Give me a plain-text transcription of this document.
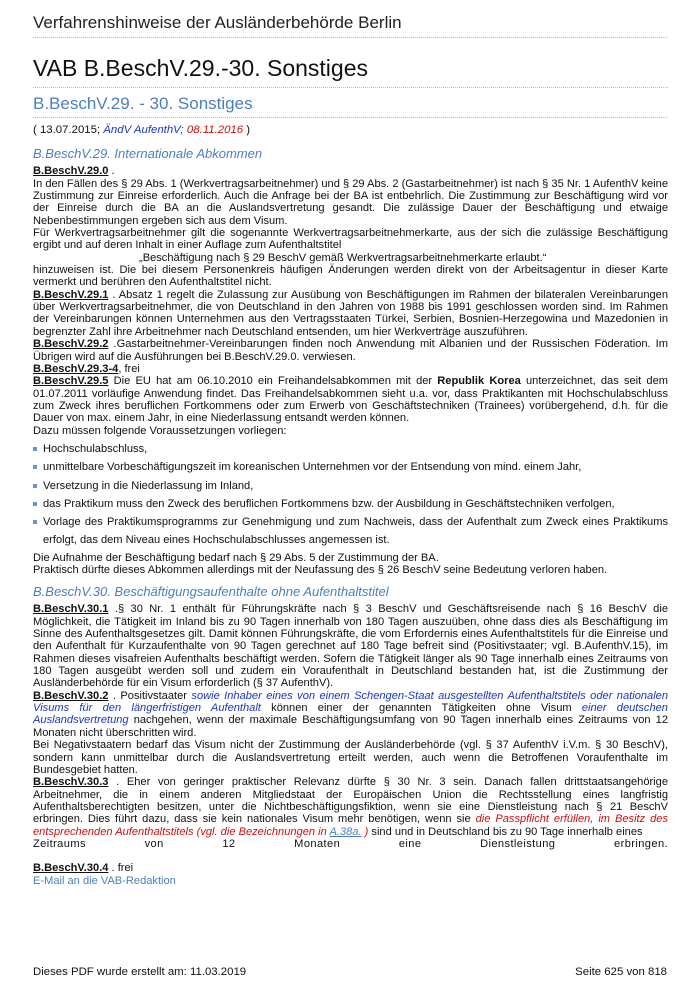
Verfahrenshinweise der Ausländerbehörde Berlin
VAB B.BeschV.29.-30. Sonstiges
B.BeschV.29. - 30. Sonstiges

( 13.07.2015; ÄndV AufenthV; 08.11.2016 )

B.BeschV.29. Internationale Abkommen

B.BeschV.29.0 .

In den Fällen des § 29 Abs. 1 (Werkvertragsarbeitnehmer) und § 29 Abs. 2 (Gastarbeitnehmer) ist nach § 35 Nr. 1 AufenthV keine Zustimmung zur Einreise erforderlich. Auch die Anfrage bei der BA ist entbehrlich. Die Zustimmung zur Beschäftigung wird vor der Einreise durch die BA an die Auslandsvertretung gesandt. Die zulässige Dauer der Beschäftigung und etwaige Nebenbestimmungen ergeben sich aus dem Visum.

Für Werkvertragsarbeitnehmer gilt die sogenannte Werkvertragsarbeitnehmerkarte, aus der sich die zulässige Beschäftigung ergibt und auf deren Inhalt in einer Auflage zum Aufenthaltstitel

„Beschäftigung nach § 29 BeschV gemäß Werkvertragsarbeitnehmerkarte erlaubt.“

hinzuweisen ist. Die bei diesem Personenkreis häufigen Änderungen werden direkt von der Arbeitsagentur in dieser Karte vermerkt und berühren den Aufenthaltstitel nicht.

B.BeschV.29.1 . Absatz 1 regelt die Zulassung zur Ausübung von Beschäftigungen im Rahmen der bilateralen Vereinbarungen über Werkvertragsarbeitnehmer, die von Deutschland in den Jahren von 1988 bis 1991 geschlossen worden sind. Im Rahmen der Vereinbarungen können Unternehmen aus den Vertragsstaaten Türkei, Serbien, Bosnien-Herzegowina und Mazedonien in begrenzter Zahl ihre Arbeitnehmer nach Deutschland entsenden, um hier Werkverträge auszuführen.

B.BeschV.29.2 .Gastarbeitnehmer-Vereinbarungen finden noch Anwendung mit Albanien und der Russischen Föderation. Im Übrigen wird auf die Ausführungen bei B.BeschV.29.0. verwiesen.

B.BeschV.29.3-4, frei

B.BeschV.29.5 Die EU hat am 06.10.2010 ein Freihandelsabkommen mit der Republik Korea unterzeichnet, das seit dem 01.07.2011 vorläufige Anwendung findet. Das Freihandelsabkommen sieht u.a. vor, dass Praktikanten mit Hochschulabschluss zum Zweck ihres beruflichen Fortkommens oder zum Erwerb von Geschäftstechniken (Trainees) vorübergehend, d.h. für die Dauer von max. einem Jahr, in eine Niederlassung entsandt werden können.

Dazu müssen folgende Voraussetzungen vorliegen:

Hochschulabschluss,
unmittelbare Vorbeschäftigungszeit im koreanischen Unternehmen vor der Entsendung von mind. einem Jahr,
Versetzung in die Niederlassung im Inland,
das Praktikum muss den Zweck des beruflichen Fortkommens bzw. der Ausbildung in Geschäftstechniken verfolgen,
Vorlage des Praktikumsprogramms zur Genehmigung und zum Nachweis, dass der Aufenthalt zum Zweck eines Praktikums erfolgt, das dem Niveau eines Hochschulabschlusses angemessen ist.

Die Aufnahme der Beschäftigung bedarf nach § 29 Abs. 5 der Zustimmung der BA.

Praktisch dürfte dieses Abkommen allerdings mit der Neufassung des § 26 BeschV seine Bedeutung verloren haben.

B.BeschV.30. Beschäftigungsaufenthalte ohne Aufenthaltstitel

B.BeschV.30.1 .§ 30 Nr. 1 enthält für Führungskräfte nach § 3 BeschV und Geschäftsreisende nach § 16 BeschV die Möglichkeit, die Tätigkeit im Inland bis zu 90 Tagen innerhalb von 180 Tagen auszuüben, ohne dass dies als Beschäftigung im Sinne des Aufenthaltsgesetzes gilt. Damit können Führungskräfte, die vom Erfordernis eines Aufenthaltstitels für die Einreise und den Aufenthalt für Kurzaufenthalte von 90 Tagen gerechnet auf 180 Tage befreit sind (Positivstaater; vgl. B.AufenthV.15), im Rahmen dieses visafreien Aufenthalts beschäftigt werden. Sofern die Tätigkeit länger als 90 Tage innerhalb eines Zeitraums von 180 Tagen ausgeübt werden soll und zudem ein Voraufenthalt in Deutschland bestanden hat, ist die Zustimmung der Ausländerbehörde für ein Visum erforderlich (§ 37 AufenthV).

B.BeschV.30.2 . Positivstaater sowie Inhaber eines von einem Schengen-Staat ausgestellten Aufenthaltstitels oder nationalen Visums für den längerfristigen Aufenthalt können einer der genannten Tätigkeiten ohne Visum einer deutschen Auslandsvertretung nachgehen, wenn der maximale Beschäftigungsumfang von 90 Tagen innerhalb eines Zeitraums von 12 Monaten nicht überschritten wird.

Bei Negativstaatern bedarf das Visum nicht der Zustimmung der Ausländerbehörde (vgl. § 37 AufenthV i.V.m. § 30 BeschV), sondern kann unmittelbar durch die Auslandsvertretung erteilt werden, auch wenn die Betroffenen Voraufenthalte im Bundesgebiet hatten.

B.BeschV.30.3 . Eher von geringer praktischer Relevanz dürfte § 30 Nr. 3 sein. Danach fallen drittstaatsangehörige Arbeitnehmer, die in einem anderen Mitgliedstaat der Europäischen Union die Rechtsstellung eines langfristig Aufenthaltsberechtigten besitzen, unter die Nichtbeschäftigungsfiktion, wenn sie eine Dienstleistung nach § 21 BeschV erbringen. Dies führt dazu, dass sie kein nationales Visum mehr benötigen, wenn sie die Passpflicht erfüllen, im Besitz des entsprechenden Aufenthaltstitels (vgl. die Bezeichnungen in A.38a. ) sind und in Deutschland bis zu 90 Tage innerhalb eines

Zeitraums von 12 Monaten eine Dienstleistung erbringen.

B.BeschV.30.4 . frei

E-Mail an die VAB-Redaktion

Dieses PDF wurde erstellt am: 11.03.2019	Seite 625 von 818
